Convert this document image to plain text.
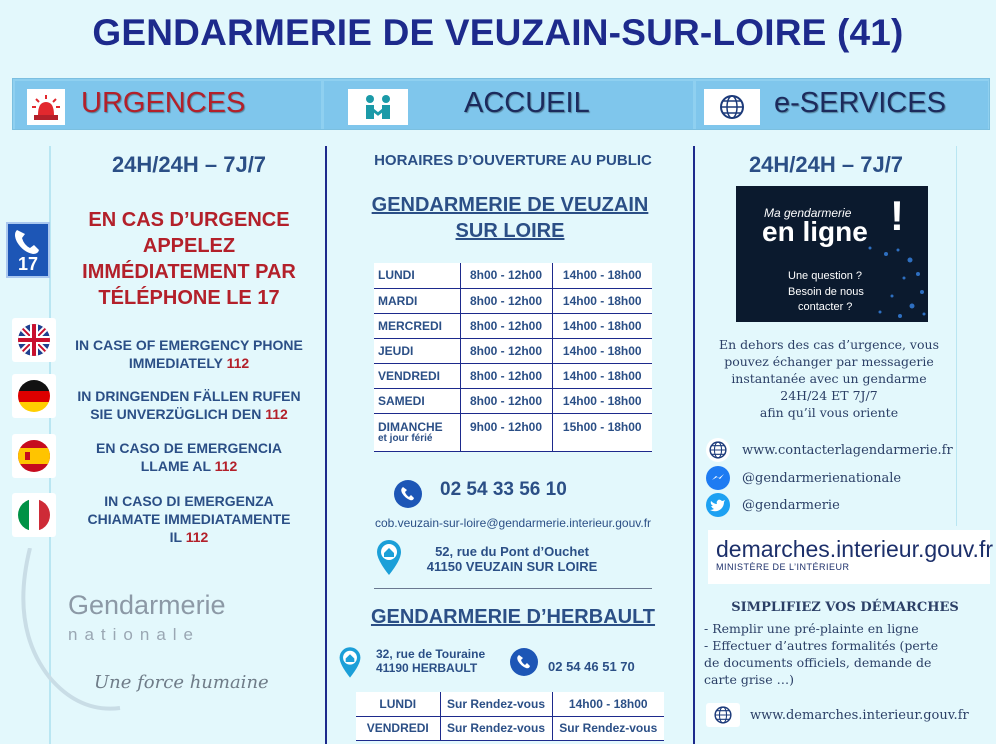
GENDARMERIE DE VEUZAIN-SUR-LOIRE (41)
URGENCES	ACCUEIL	e-SERVICES
24H/24H – 7J/7
17
EN CAS D’URGENCE
APPELEZ
IMMÉDIATEMENT PAR
TÉLÉPHONE LE 17
IN CASE OF EMERGENCY PHONE
IMMEDIATELY 112
IN DRINGENDEN FÄLLEN RUFEN
SIE UNVERZÜGLICH DEN 112
EN CASO DE EMERGENCIA
LLAME AL 112
IN CASO DI EMERGENZA
CHIAMATE IMMEDIATAMENTE
IL 112
Gendarmerie
nationale
Une force humaine
HORAIRES D’OUVERTURE AU PUBLIC
GENDARMERIE DE VEUZAIN
SUR LOIRE
LUNDI	8h00 - 12h00	14h00 - 18h00
MARDI	8h00 - 12h00	14h00 - 18h00
MERCREDI	8h00 - 12h00	14h00 - 18h00
JEUDI	8h00 - 12h00	14h00 - 18h00
VENDREDI	8h00 - 12h00	14h00 - 18h00
SAMEDI	8h00 - 12h00	14h00 - 18h00

DIMANCHE
et jour férié	9h00 - 12h00	15h00 - 18h00
02 54 33 56 10
cob.veuzain-sur-loire@gendarmerie.interieur.gouv.fr
52, rue du Pont d’Ouchet
41150 VEUZAIN SUR LOIRE
GENDARMERIE D’HERBAULT
32, rue de Touraine
41190 HERBAULT	02 54 46 51 70
LUNDI	Sur Rendez-vous	14h00 - 18h00
VENDREDI	Sur Rendez-vous	Sur Rendez-vous
24H/24H – 7J/7
Ma gendarmerie
en ligne !
Une question ?
Besoin de nous
contacter ?
En dehors des cas d’urgence, vous
pouvez échanger par messagerie
instantanée avec un gendarme
24H/24 ET 7J/7
afin qu’il vous oriente
www.contacterlagendarmerie.fr
@gendarmerienationale
@gendarmerie
demarches.interieur.gouv.fr
MINISTÈRE DE L’INTÉRIEUR
SIMPLIFIEZ VOS DÉMARCHES
- Remplir une pré-plainte en ligne
- Effectuer d’autres formalités (perte
de documents officiels, demande de
carte grise …)
www.demarches.interieur.gouv.fr
